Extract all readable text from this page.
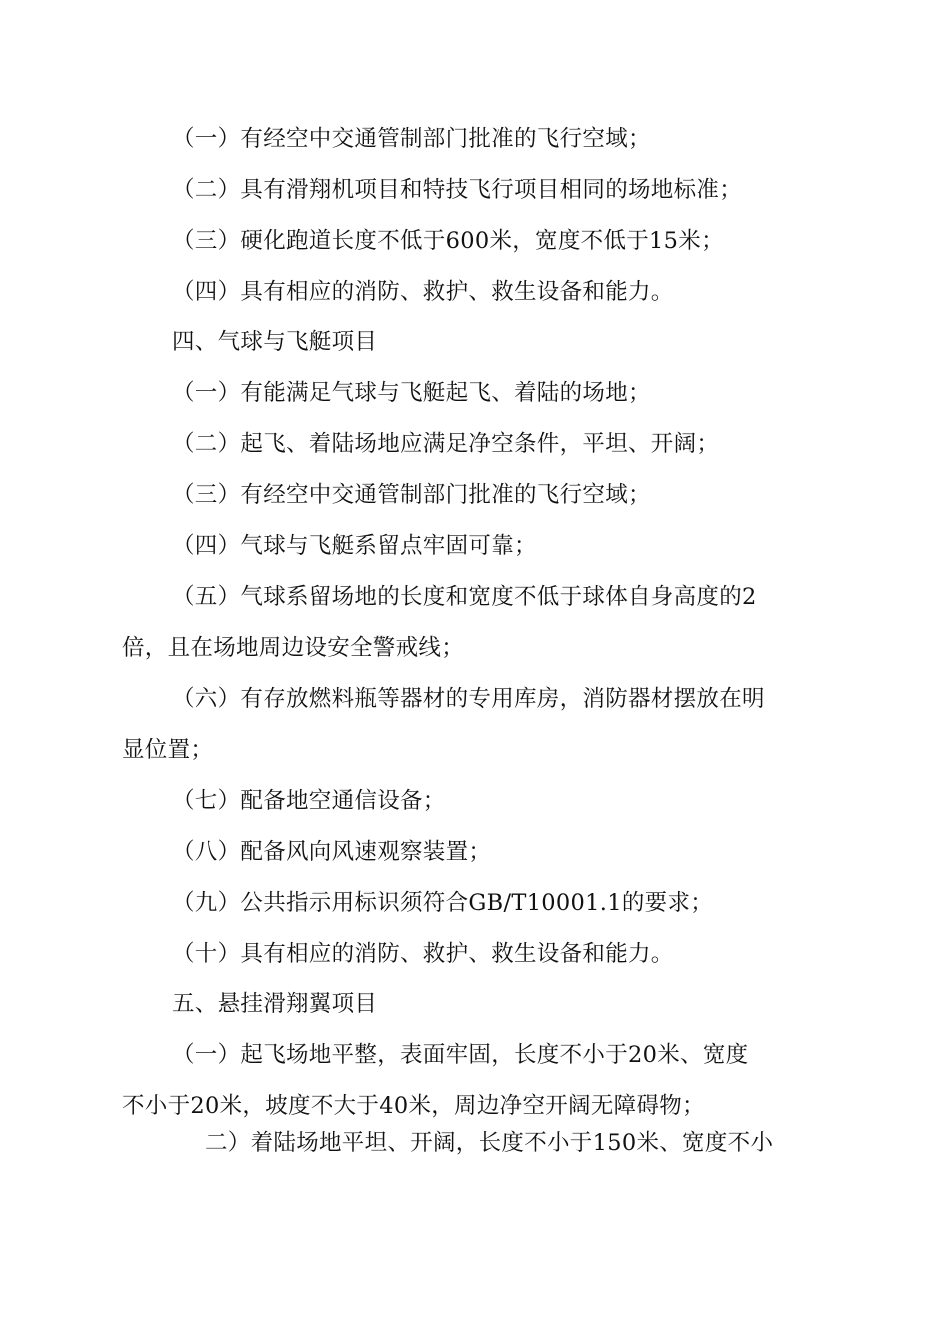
（一）有经空中交通管制部门批准的飞行空域；
（二）具有滑翔机项目和特技飞行项目相同的场地标准；
（三）硬化跑道长度不低于600米，宽度不低于15米；
（四）具有相应的消防、救护、救生设备和能力。
四、气球与飞艇项目
（一）有能满足气球与飞艇起飞、着陆的场地；
（二）起飞、着陆场地应满足净空条件，平坦、开阔；
（三）有经空中交通管制部门批准的飞行空域；
（四）气球与飞艇系留点牢固可靠；
（五）气球系留场地的长度和宽度不低于球体自身高度的2
倍，且在场地周边设安全警戒线；
（六）有存放燃料瓶等器材的专用库房，消防器材摆放在明
显位置；
（七）配备地空通信设备；
（八）配备风向风速观察装置；
（九）公共指示用标识须符合GB/T10001.1的要求；
（十）具有相应的消防、救护、救生设备和能力。
五、悬挂滑翔翼项目
（一）起飞场地平整，表面牢固，长度不小于20米、宽度
不小于20米，坡度不大于40米，周边净空开阔无障碍物；
二）着陆场地平坦、开阔，长度不小于150米、宽度不小
